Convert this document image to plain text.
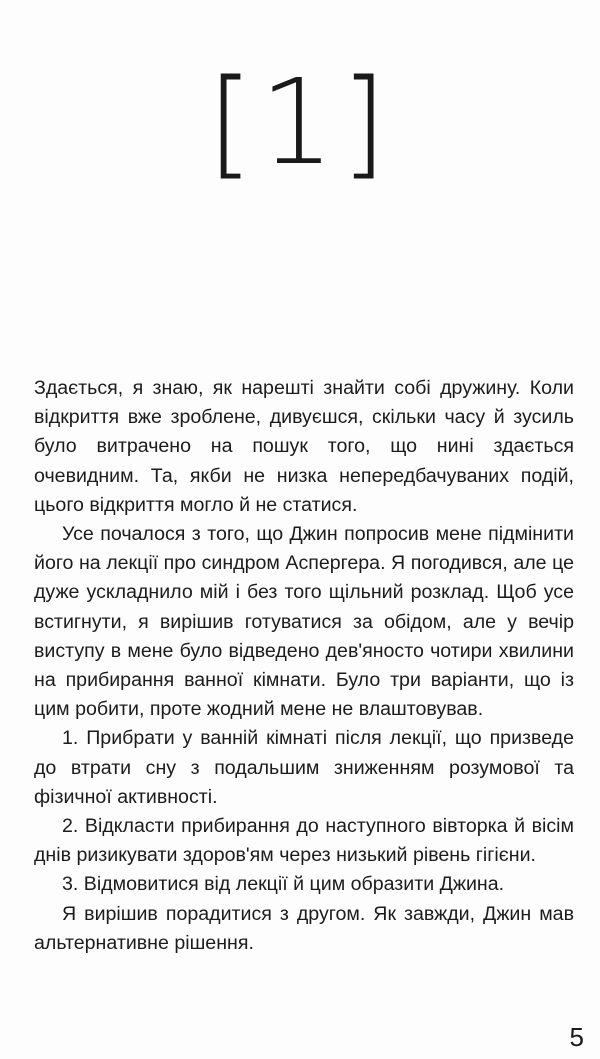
[1]

Здається, я знаю, як нарешті знайти собі дружину. Коли відкриття вже зроблене, дивуєшся, скільки часу й зусиль було витрачено на пошук того, що нині здається очевидним. Та, якби не низка непередбачуваних подій, цього відкриття могло й не статися.

Усе почалося з того, що Джин попросив мене підмінити його на лекції про синдром Аспергера. Я погодився, але це дуже ускладнило мій і без того щільний розклад. Щоб усе встигнути, я вирішив готуватися за обідом, але у вечір виступу в мене було відведено дев'яносто чотири хвилини на прибирання ванної кімнати. Було три варіанти, що із цим робити, проте жодний мене не влаштовував.

1. Прибрати у ванній кімнаті після лекції, що призведе до втрати сну з подальшим зниженням розумової та фізичної активності.

2. Відкласти прибирання до наступного вівторка й вісім днів ризикувати здоров'ям через низький рівень гігієни.

3. Відмовитися від лекції й цим образити Джина.

Я вирішив порадитися з другом. Як завжди, Джин мав альтернативне рішення.

5
